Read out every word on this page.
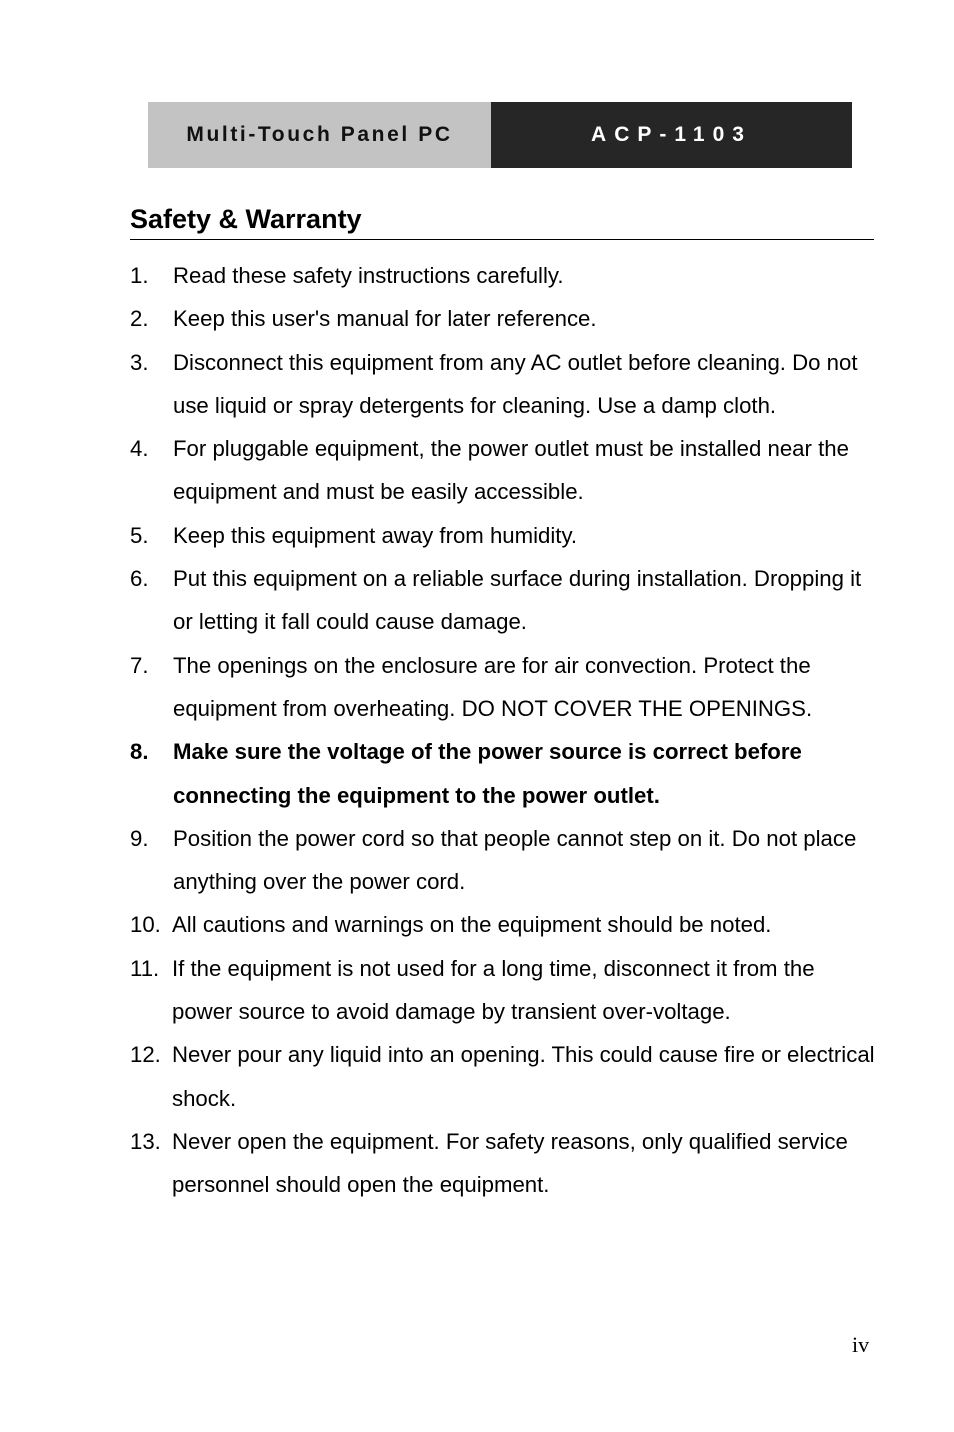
Multi-Touch Panel PC	ACP-1103
Safety & Warranty
1.	Read these safety instructions carefully.
2.	Keep this user's manual for later reference.
3.	Disconnect this equipment from any AC outlet before cleaning. Do not use liquid or spray detergents for cleaning. Use a damp cloth.
4.	For pluggable equipment, the power outlet must be installed near the equipment and must be easily accessible.
5.	Keep this equipment away from humidity.
6.	Put this equipment on a reliable surface during installation. Dropping it or letting it fall could cause damage.
7.	The openings on the enclosure are for air convection. Protect the equipment from overheating. DO NOT COVER THE OPENINGS.
8.	Make sure the voltage of the power source is correct before connecting the equipment to the power outlet.
9.	Position the power cord so that people cannot step on it. Do not place anything over the power cord.
10. All cautions and warnings on the equipment should be noted.
11. If the equipment is not used for a long time, disconnect it from the power source to avoid damage by transient over-voltage.
12. Never pour any liquid into an opening. This could cause fire or electrical shock.
13. Never open the equipment. For safety reasons, only qualified service personnel should open the equipment.
iv
